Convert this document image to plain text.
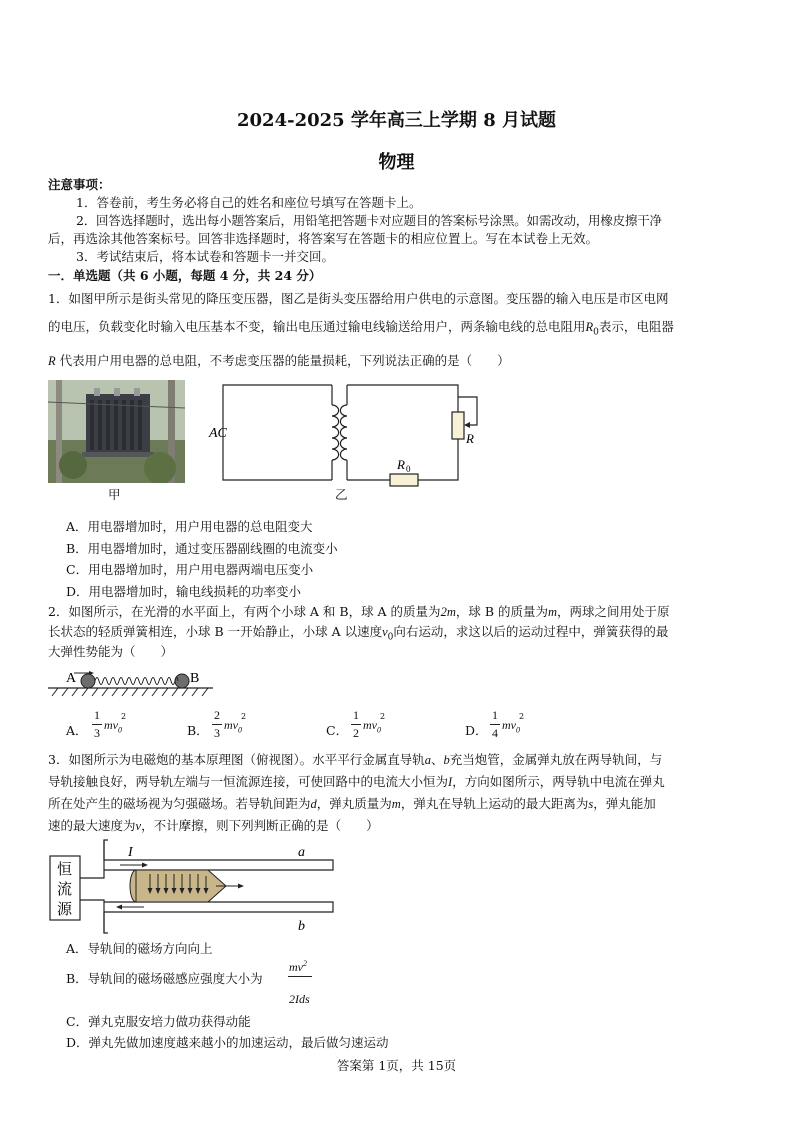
2024-2025 学年高三上学期 8 月试题
物理
注意事项：
1．答卷前，考生务必将自己的姓名和座位号填写在答题卡上。
2．回答选择题时，选出每小题答案后，用铅笔把答题卡对应题目的答案标号涂黑。如需改动，用橡皮擦干净
后，再选涂其他答案标号。回答非选择题时，将答案写在答题卡的相应位置上。写在本试卷上无效。
3．考试结束后，将本试卷和答题卡一并交回。
一．单选题（共 6 小题，每题 4 分，共 24 分）
1．如图甲所示是街头常见的降压变压器，图乙是街头变压器给用户供电的示意图。变压器的输入电压是市区电网
的电压，负载变化时输入电压基本不变，输出电压通过输电线输送给用户，两条输电线的总电阻用$R_0$表示，电阻器
R 代表用户用电器的总电阻，不考虑变压器的能量损耗，下列说法正确的是（　　）
甲
AC	R
R 0
乙
A．用电器增加时，用户用电器的总电阻变大
B．用电器增加时，通过变压器副线圈的电流变小
C．用电器增加时，用户用电器两端电压变小
D．用电器增加时，输电线损耗的功率变小
2．如图所示，在光滑的水平面上，有两个小球 A 和 B，球 A 的质量为2m，球 B 的质量为m，两球之间用处于原
长状态的轻质弹簧相连，小球 B 一开始静止，小球 A 以速度$v_0$向右运动，求这以后的运动过程中，弹簧获得的最
大弹性势能为（　　）
A	B
A．
1
3
$mv_0$
2
B．
2
3
$mv_0$
2
C．
1
2
$mv_0$
2
D．
1
4
$mv_0$
2
3．如图所示为电磁炮的基本原理图（俯视图）。水平平行金属直导轨a、b充当炮管，金属弹丸放在两导轨间，与
导轨接触良好，两导轨左端与一恒流源连接，可使回路中的电流大小恒为I，方向如图所示，两导轨中电流在弹丸
所在处产生的磁场视为匀强磁场。若导轨间距为d，弹丸质量为m，弹丸在导轨上运动的最大距离为s，弹丸能加
速的最大速度为v，不计摩擦，则下列判断正确的是（　　）
恒
流
源
I	a
b
A．导轨间的磁场方向向上
B．导轨间的磁场磁感应强度大小为
$mv^2$
2Ids
C．弹丸克服安培力做功获得动能
D．弹丸先做加速度越来越小的加速运动，最后做匀速运动
答案第 1页，共 15页
